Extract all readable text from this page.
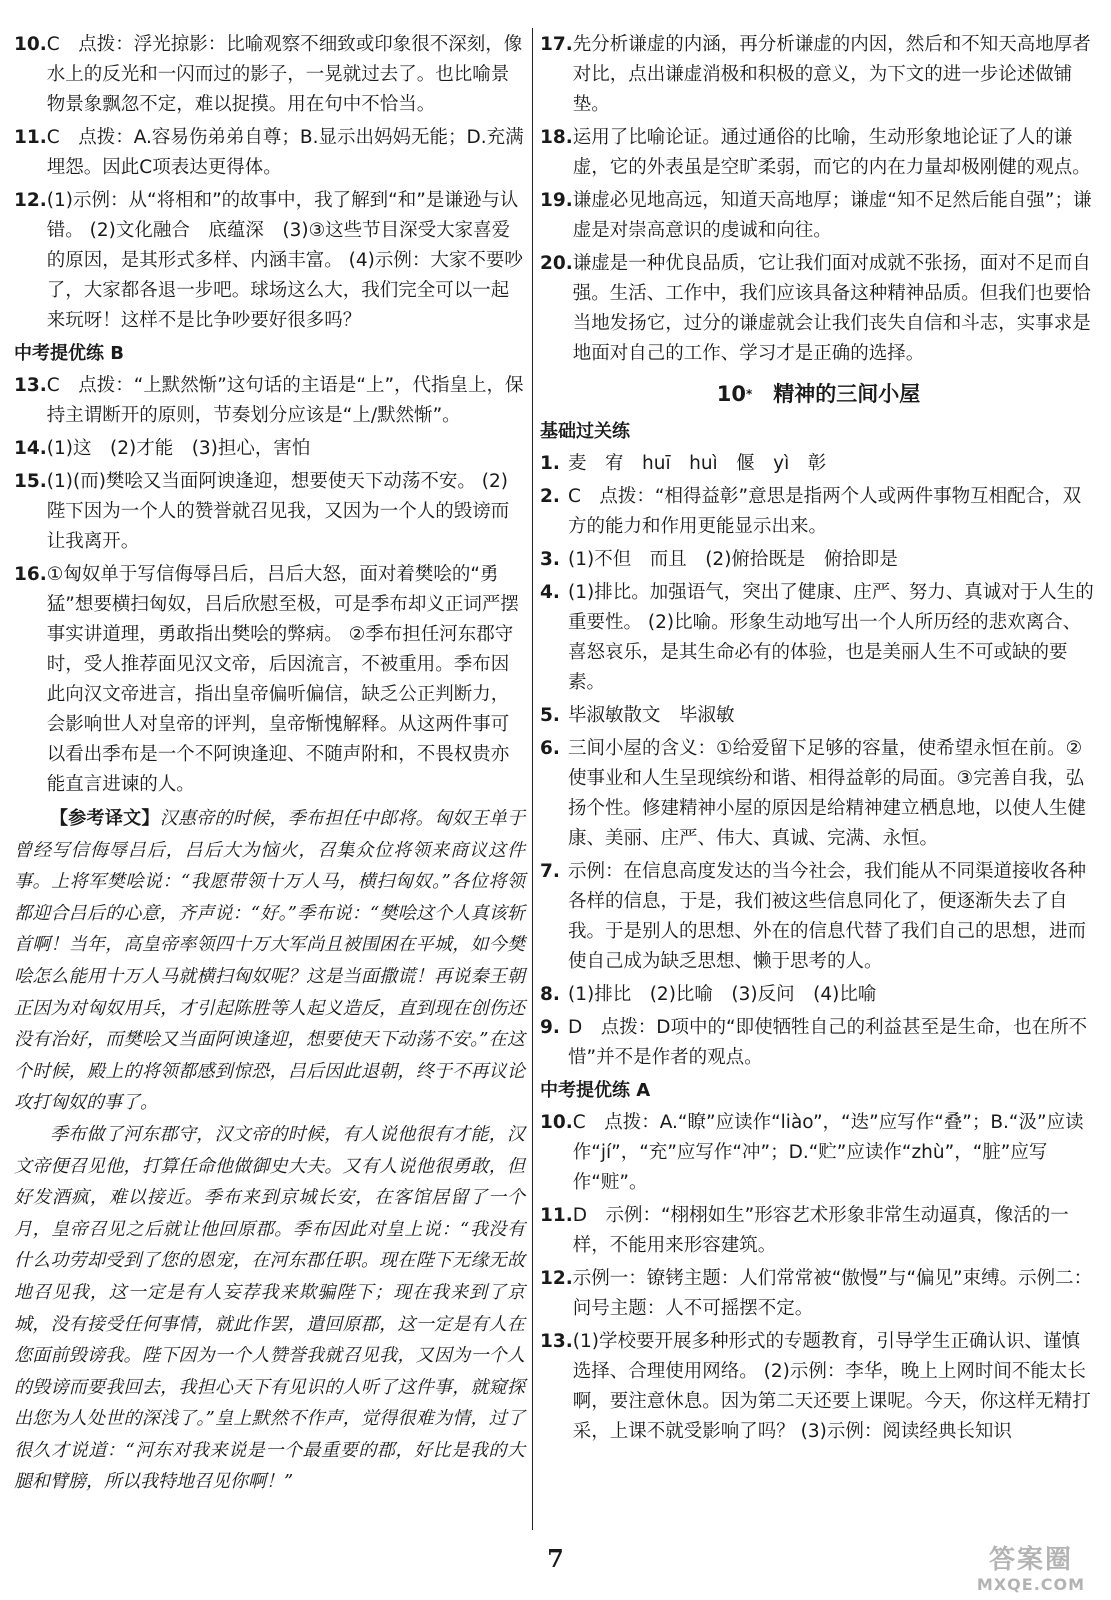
10. C　点拨：浮光掠影：比喻观察不细致或印象很不深刻，像水上的反光和一闪而过的影子，一晃就过去了。也比喻景物景象飘忽不定，难以捉摸。用在句中不恰当。
11. C　点拨：A.容易伤弟弟自尊；B.显示出妈妈无能；D.充满埋怨。因此C项表达更得体。
12. (1)示例：从“将相和”的故事中，我了解到“和”是谦逊与认错。 (2)文化融合　底蕴深　(3)③这些节目深受大家喜爱的原因，是其形式多样、内涵丰富。 (4)示例：大家不要吵了，大家都各退一步吧。球场这么大，我们完全可以一起来玩呀！这样不是比争吵要好很多吗？
中考提优练 B
13. C　点拨：“上默然惭”这句话的主语是“上”，代指皇上，保持主谓断开的原则，节奏划分应该是“上/默然惭”。
14. (1)这　(2)才能　(3)担心，害怕
15. (1)(而)樊哙又当面阿谀逢迎，想要使天下动荡不安。 (2)陛下因为一个人的赞誉就召见我，又因为一个人的毁谤而让我离开。
16. ①匈奴单于写信侮辱吕后，吕后大怒，面对着樊哙的“勇猛”想要横扫匈奴，吕后欣慰至极，可是季布却义正词严摆事实讲道理，勇敢指出樊哙的弊病。 ②季布担任河东郡守时，受人推荐面见汉文帝，后因流言，不被重用。季布因此向汉文帝进言，指出皇帝偏听偏信，缺乏公正判断力，会影响世人对皇帝的评判，皇帝惭愧解释。从这两件事可以看出季布是一个不阿谀逢迎、不随声附和，不畏权贵亦能直言进谏的人。

【参考译文】汉惠帝的时候，季布担任中郎将。匈奴王单于曾经写信侮辱吕后，吕后大为恼火，召集众位将领来商议这件事。上将军樊哙说：“我愿带领十万人马，横扫匈奴。”各位将领都迎合吕后的心意，齐声说：“好。”季布说：“樊哙这个人真该斩首啊！当年，高皇帝率领四十万大军尚且被围困在平城，如今樊哙怎么能用十万人马就横扫匈奴呢？这是当面撒谎！再说秦王朝正因为对匈奴用兵，才引起陈胜等人起义造反，直到现在创伤还没有治好，而樊哙又当面阿谀逢迎，想要使天下动荡不安。”在这个时候，殿上的将领都感到惊恐，吕后因此退朝，终于不再议论攻打匈奴的事了。

季布做了河东郡守，汉文帝的时候，有人说他很有才能，汉文帝便召见他，打算任命他做御史大夫。又有人说他很勇敢，但好发酒疯，难以接近。季布来到京城长安，在客馆居留了一个月，皇帝召见之后就让他回原郡。季布因此对皇上说：“我没有什么功劳却受到了您的恩宠，在河东郡任职。现在陛下无缘无故地召见我，这一定是有人妄荐我来欺骗陛下；现在我来到了京城，没有接受任何事情，就此作罢，遣回原郡，这一定是有人在您面前毁谤我。陛下因为一个人赞誉我就召见我，又因为一个人的毁谤而要我回去，我担心天下有见识的人听了这件事，就窥探出您为人处世的深浅了。”皇上默然不作声，觉得很难为情，过了很久才说道：“河东对我来说是一个最重要的郡，好比是我的大腿和臂膀，所以我特地召见你啊！”

17. 先分析谦虚的内涵，再分析谦虚的内因，然后和不知天高地厚者对比，点出谦虚消极和积极的意义，为下文的进一步论述做铺垫。
18. 运用了比喻论证。通过通俗的比喻，生动形象地论证了人的谦虚，它的外表虽是空旷柔弱，而它的内在力量却极刚健的观点。
19. 谦虚必见地高远，知道天高地厚；谦虚“知不足然后能自强”；谦虚是对崇高意识的虔诚和向往。
20. 谦虚是一种优良品质，它让我们面对成就不张扬，面对不足而自强。生活、工作中，我们应该具备这种精神品质。但我们也要恰当地发扬它，过分的谦虚就会让我们丧失自信和斗志，实事求是地面对自己的工作、学习才是正确的选择。
10*　 精神的三间小屋
基础过关练
1. 麦　宥　huī　huì　偃　yì　彰
2. C　点拨：“相得益彰”意思是指两个人或两件事物互相配合，双方的能力和作用更能显示出来。
3. (1)不但　而且　(2)俯拾既是　俯拾即是
4. (1)排比。加强语气，突出了健康、庄严、努力、真诚对于人生的重要性。 (2)比喻。形象生动地写出一个人所历经的悲欢离合、喜怒哀乐，是其生命必有的体验，也是美丽人生不可或缺的要素。
5. 毕淑敏散文　毕淑敏
6. 三间小屋的含义：①给爱留下足够的容量，使希望永恒在前。②使事业和人生呈现缤纷和谐、相得益彰的局面。③完善自我，弘扬个性。修建精神小屋的原因是给精神建立栖息地，以使人生健康、美丽、庄严、伟大、真诚、完满、永恒。
7. 示例：在信息高度发达的当今社会，我们能从不同渠道接收各种各样的信息，于是，我们被这些信息同化了，便逐渐失去了自我。于是别人的思想、外在的信息代替了我们自己的思想，进而使自己成为缺乏思想、懒于思考的人。
8. (1)排比　(2)比喻　(3)反问　(4)比喻
9. D　点拨：D项中的“即使牺牲自己的利益甚至是生命，也在所不惜”并不是作者的观点。
中考提优练 A
10. C　点拨：A.“瞭”应读作“liào”，“迭”应写作“叠”；B.“汲”应读作“jí”，“充”应写作“冲”；D.“贮”应读作“zhù”，“脏”应写作“赃”。
11. D　示例：“栩栩如生”形容艺术形象非常生动逼真，像活的一样，不能用来形容建筑。
12. 示例一：镣铐主题：人们常常被“傲慢”与“偏见”束缚。示例二：问号主题：人不可摇摆不定。
13. (1)学校要开展多种形式的专题教育，引导学生正确认识、谨慎选择、合理使用网络。 (2)示例：李华，晚上上网时间不能太长啊，要注意休息。因为第二天还要上课呢。今天，你这样无精打采，上课不就受影响了吗？ (3)示例：阅读经典长知识
7	答案圈
MXQE.COM
